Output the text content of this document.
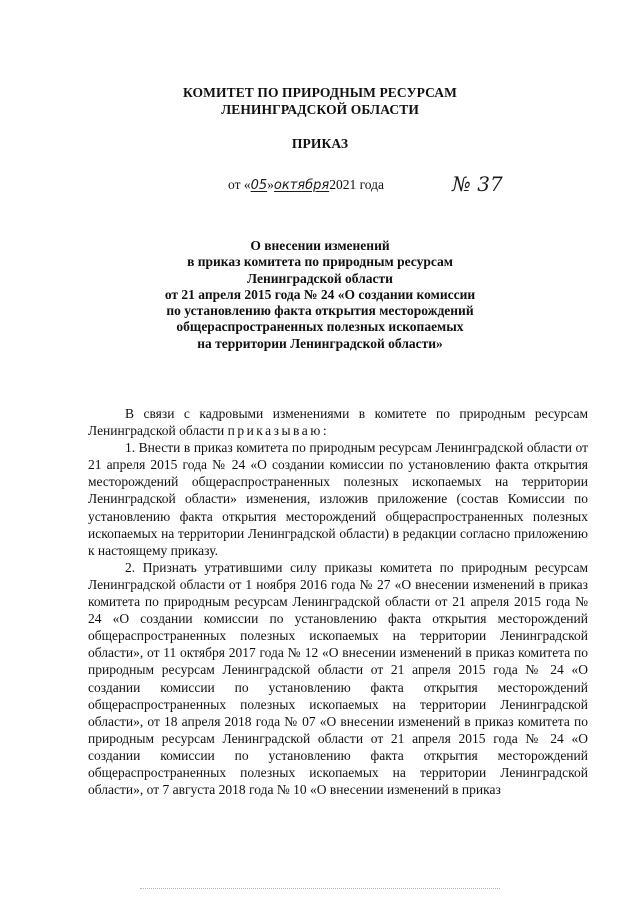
КОМИТЕТ ПО ПРИРОДНЫМ РЕСУРСАМ
ЛЕНИНГРАДСКОЙ ОБЛАСТИ
ПРИКАЗ
от «05»октября2021 года	№ 37
О внесении изменений
в приказ комитета по природным ресурсам
Ленинградской области
от 21 апреля 2015 года № 24 «О создании комиссии
по установлению факта открытия месторождений
общераспространенных полезных ископаемых
на территории Ленинградской области»

В связи с кадровыми изменениями в комитете по природным ресурсам Ленинградской области приказываю:

1. Внести в приказ комитета по природным ресурсам Ленинградской области от 21 апреля 2015 года № 24 «О создании комиссии по установлению факта открытия месторождений общераспространенных полезных ископаемых на территории Ленинградской области» изменения, изложив приложение (состав Комиссии по установлению факта открытия месторождений общераспространенных полезных ископаемых на территории Ленинградской области) в редакции согласно приложению к настоящему приказу.

2. Признать утратившими силу приказы комитета по природным ресурсам Ленинградской области от 1 ноября 2016 года № 27 «О внесении изменений в приказ комитета по природным ресурсам Ленинградской области от 21 апреля 2015 года № 24 «О создании комиссии по установлению факта открытия месторождений общераспространенных полезных ископаемых на территории Ленинградской области», от 11 октября 2017 года № 12 «О внесении изменений в приказ комитета по природным ресурсам Ленинградской области от 21 апреля 2015 года № 24 «О создании комиссии по установлению факта открытия месторождений общераспространенных полезных ископаемых на территории Ленинградской области», от 18 апреля 2018 года № 07 «О внесении изменений в приказ комитета по природным ресурсам Ленинградской области от 21 апреля 2015 года № 24 «О создании комиссии по установлению факта открытия месторождений общераспространенных полезных ископаемых на территории Ленинградской области», от 7 августа 2018 года № 10 «О внесении изменений в приказ
